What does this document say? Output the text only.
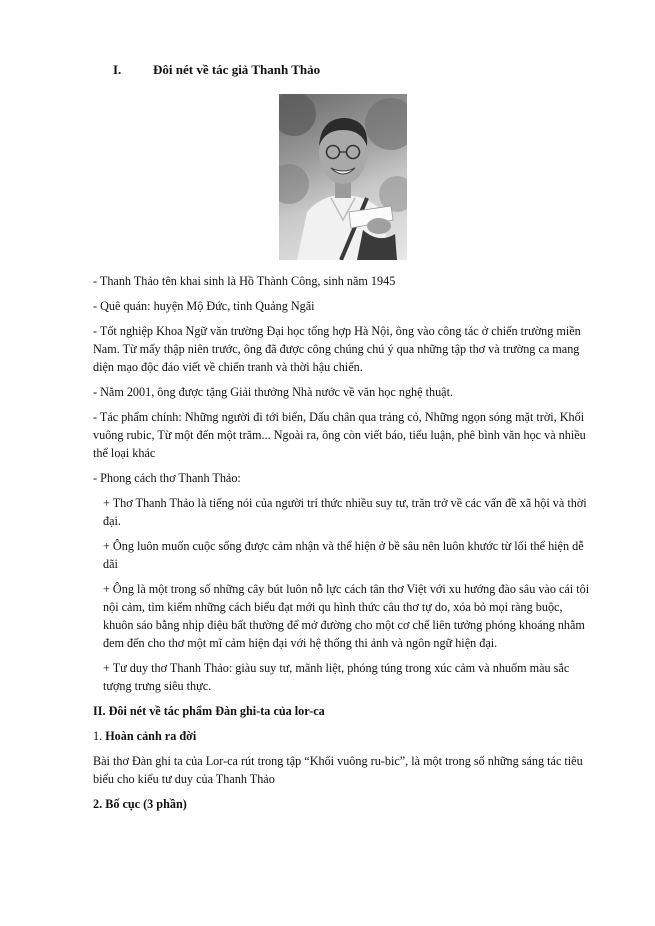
I. Đôi nét về tác giả Thanh Thảo

- Thanh Thảo tên khai sinh là Hồ Thành Công, sinh năm 1945

- Quê quán: huyện Mộ Đức, tỉnh Quảng Ngãi

- Tốt nghiệp Khoa Ngữ văn trường Đại học tổng hợp Hà Nội, ông vào công tác ở chiến trường miền Nam. Từ mấy thập niên trước, ông đã được công chúng chú ý qua những tập thơ và trường ca mang diện mạo độc đáo viết về chiến tranh và thời hậu chiến.

- Năm 2001, ông được tặng Giải thưởng Nhà nước về văn học nghệ thuật.

- Tác phẩm chính: Những người đi tới biển, Dấu chân qua trảng cỏ, Những ngọn sóng mặt trời, Khối vuông rubic, Từ một đến một trăm... Ngoài ra, ông còn viết báo, tiểu luận, phê bình văn học và nhiều thể loại khác

- Phong cách thơ Thanh Thảo:

+ Thơ Thanh Thảo là tiếng nói của người trí thức nhiều suy tư, trăn trở về các vấn đề xã hội và thời đại.

+ Ông luôn muốn cuộc sống được cảm nhận và thể hiện ở bề sâu nên luôn khước từ lối thể hiện dễ dãi

+ Ông là một trong số những cây bút luôn nỗ lực cách tân thơ Việt với xu hướng đào sâu vào cái tôi nội cảm, tìm kiếm những cách biểu đạt mới qu hình thức câu thơ tự do, xóa bỏ mọi ràng buộc, khuôn sáo bằng nhịp điệu bất thường để mở đường cho một cơ chế liên tưởng phóng khoáng nhằm đem đến cho thơ một mĩ cảm hiện đại với hệ thống thi ảnh và ngôn ngữ hiện đại.

+ Tư duy thơ Thanh Thảo: giàu suy tư, mãnh liệt, phóng túng trong xúc cảm và nhuốm màu sắc tượng trưng siêu thực.

II. Đôi nét về tác phẩm Đàn ghi-ta của lor-ca

1. Hoàn cảnh ra đời

Bài thơ Đàn ghi ta của Lor-ca rút trong tập “Khối vuông ru-bic”, là một trong số những sáng tác tiêu biểu cho kiểu tư duy của Thanh Thảo

2. Bố cục (3 phần)
